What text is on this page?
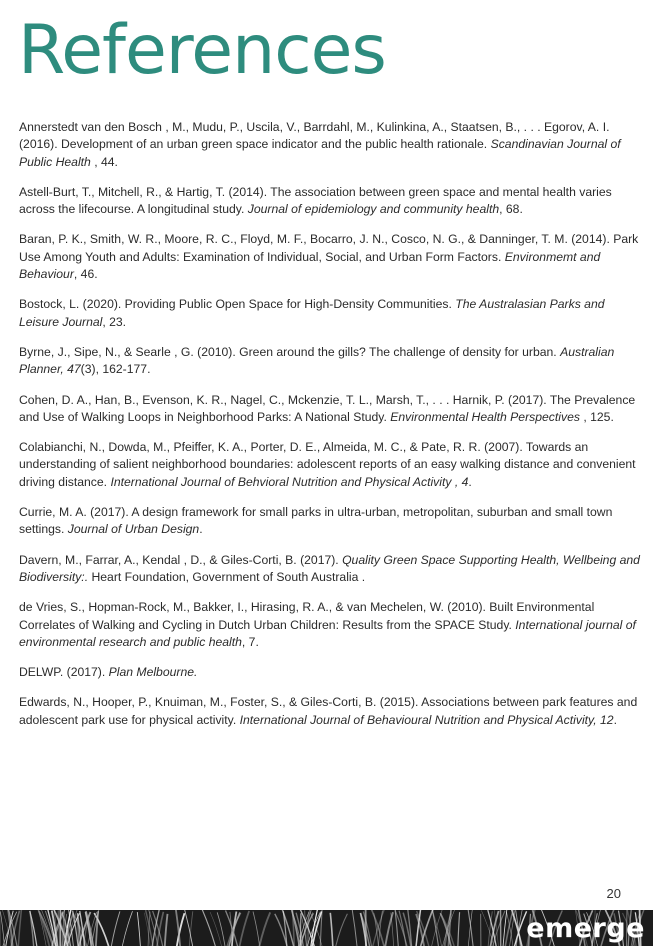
References

Annerstedt van den Bosch , M., Mudu, P., Uscila, V., Barrdahl, M., Kulinkina, A., Staatsen, B., . . . Egorov, A. I. (2016). Development of an urban green space indicator and the public health rationale. Scandinavian Journal of Public Health , 44.

Astell-Burt, T., Mitchell, R., & Hartig, T. (2014). The association between green space and mental health varies across the lifecourse. A longitudinal study. Journal of epidemiology and community health, 68.

Baran, P. K., Smith, W. R., Moore, R. C., Floyd, M. F., Bocarro, J. N., Cosco, N. G., & Danninger, T. M. (2014). Park Use Among Youth and Adults: Examination of Individual, Social, and Urban Form Factors. Environmemt and Behaviour, 46.

Bostock, L. (2020). Providing Public Open Space for High-Density Communities. The Australasian Parks and Leisure Journal, 23.

Byrne, J., Sipe, N., & Searle , G. (2010). Green around the gills? The challenge of density for urban. Australian Planner, 47(3), 162-177.

Cohen, D. A., Han, B., Evenson, K. R., Nagel, C., Mckenzie, T. L., Marsh, T., . . . Harnik, P. (2017). The Prevalence and Use of Walking Loops in Neighborhood Parks: A National Study. Environmental Health Perspectives , 125.

Colabianchi, N., Dowda, M., Pfeiffer, K. A., Porter, D. E., Almeida, M. C., & Pate, R. R. (2007). Towards an understanding of salient neighborhood boundaries: adolescent reports of an easy walking distance and convenient driving distance. International Journal of Behvioral Nutrition and Physical Activity , 4.

Currie, M. A. (2017). A design framework for small parks in ultra-urban, metropolitan, suburban and small town settings. Journal of Urban Design.

Davern, M., Farrar, A., Kendal , D., & Giles-Corti, B. (2017). Quality Green Space Supporting Health, Wellbeing and Biodiversity:. Heart Foundation, Government of South Australia .

de Vries, S., Hopman-Rock, M., Bakker, I., Hirasing, R. A., & van Mechelen, W. (2010). Built Environmental Correlates of Walking and Cycling in Dutch Urban Children: Results from the SPACE Study. International journal of environmental research and public health, 7.

DELWP. (2017). Plan Melbourne.

Edwards, N., Hooper, P., Knuiman, M., Foster, S., & Giles-Corti, B. (2015). Associations between park features and adolescent park use for physical activity. International Journal of Behavioural Nutrition and Physical Activity, 12.

20
emerge
